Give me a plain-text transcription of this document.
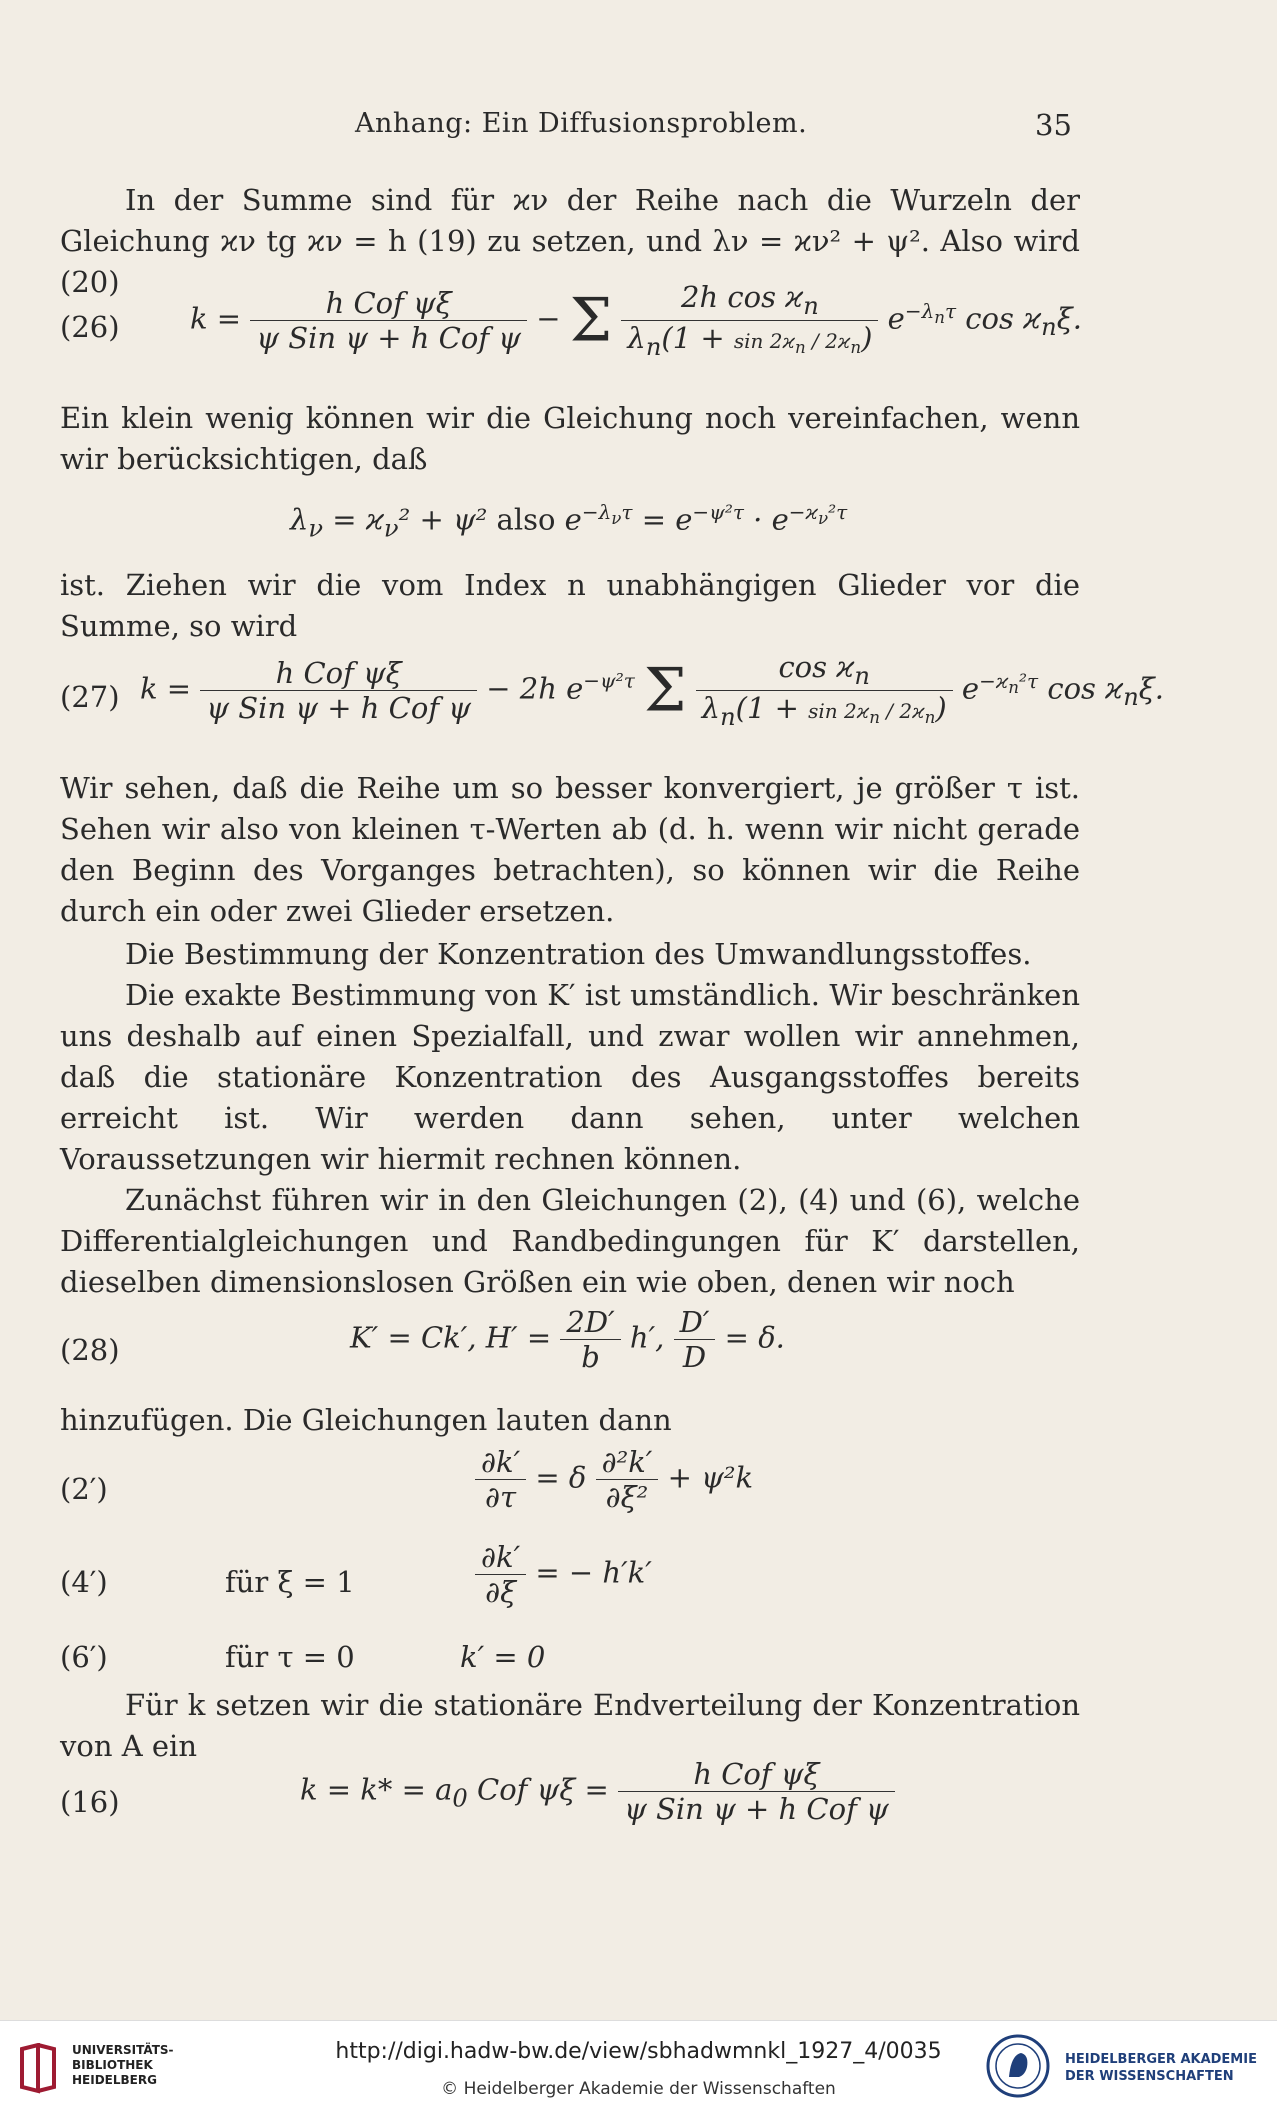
Anhang: Ein Diffusionsproblem.	35
In der Summe sind für ϰν der Reihe nach die Wurzeln der Gleichung ϰν tg ϰν = h (19) zu setzen, und λν = ϰν² + ψ². Also wird (20)
(26) $k = \frac{\text{h Cof ψξ}}{\text{ψ Sin ψ + h Cof ψ}} - \Sigma \frac{2h \cos ϰ_n}{\lambda_n(1 + \sin 2ϰ_n / 2ϰ_n)} e^{-\lambda_n\tau}$ $\cos ϰ_n\xi$.
Ein klein wenig können wir die Gleichung noch vereinfachen, wenn wir berücksichtigen, daß
$\lambda_\nu = ϰ_\nu^2 + \psi^2$ also $e^{-\lambda_\nu\tau} = e^{-\psi^2\tau} \cdot e^{-ϰ_\nu^2\tau}$
ist. Ziehen wir die vom Index n unabhängigen Glieder vor die Summe, so wird
(27) $k = \frac{\text{h Cof ψξ}}{\text{ψ Sin ψ + h Cof ψ}} - 2h$ $e^{-\psi^2\tau}$ Σ $\frac{\cos ϰ_n}{\lambda_n(1 + \sin 2ϰ_n / 2ϰ_n)} e^{-ϰ_n^2\tau}$ $\cos ϰ_n\xi$.
Wir sehen, daß die Reihe um so besser konvergiert, je größer τ ist. Sehen wir also von kleinen τ-Werten ab (d. h. wenn wir nicht gerade den Beginn des Vorganges betrachten), so können wir die Reihe durch ein oder zwei Glieder ersetzen.
Die Bestimmung der Konzentration des Umwandlungsstoffes.
Die exakte Bestimmung von K′ ist umständlich. Wir beschränken uns deshalb auf einen Spezialfall, und zwar wollen wir annehmen, daß die stationäre Konzentration des Ausgangsstoffes bereits erreicht ist. Wir werden dann sehen, unter welchen Voraussetzungen wir hiermit rechnen können.
Zunächst führen wir in den Gleichungen (2), (4) und (6), welche Differentialgleichungen und Randbedingungen für K′ darstellen, dieselben dimensionslosen Größen ein wie oben, denen wir noch
(28)	K′ = Ck′, $H' = \frac{2D'}{b} h'$, $\frac{D'}{D} = \delta$.
hinzufügen. Die Gleichungen lauten dann
(2′)	$\frac{\partial k'}{\partial\tau} = \delta \frac{\text{∂²k′}}{\text{∂ξ²}} + \psi^2k$
(4′)	für ξ = 1	$\frac{\partial k'}{\partial\xi}$ = − h′k′
(6′)	für τ = 0	k′ = 0
Für k setzen wir die stationäre Endverteilung der Konzentration von A ein
(16)	$k = k* = a_0$ Cof $\psi\xi = \frac{\text{h Cof ψξ}}{\text{ψ Sin ψ + h Cof ψ}}$
UNIVERSITÄTS-
BIBLIOTHEK
HEIDELBERG
http://digi.hadw-bw.de/view/sbhadwmnkl_1927_4/0035
© Heidelberger Akademie der Wissenschaften
HEIDELBERGER AKADEMIE
DER WISSENSCHAFTEN
